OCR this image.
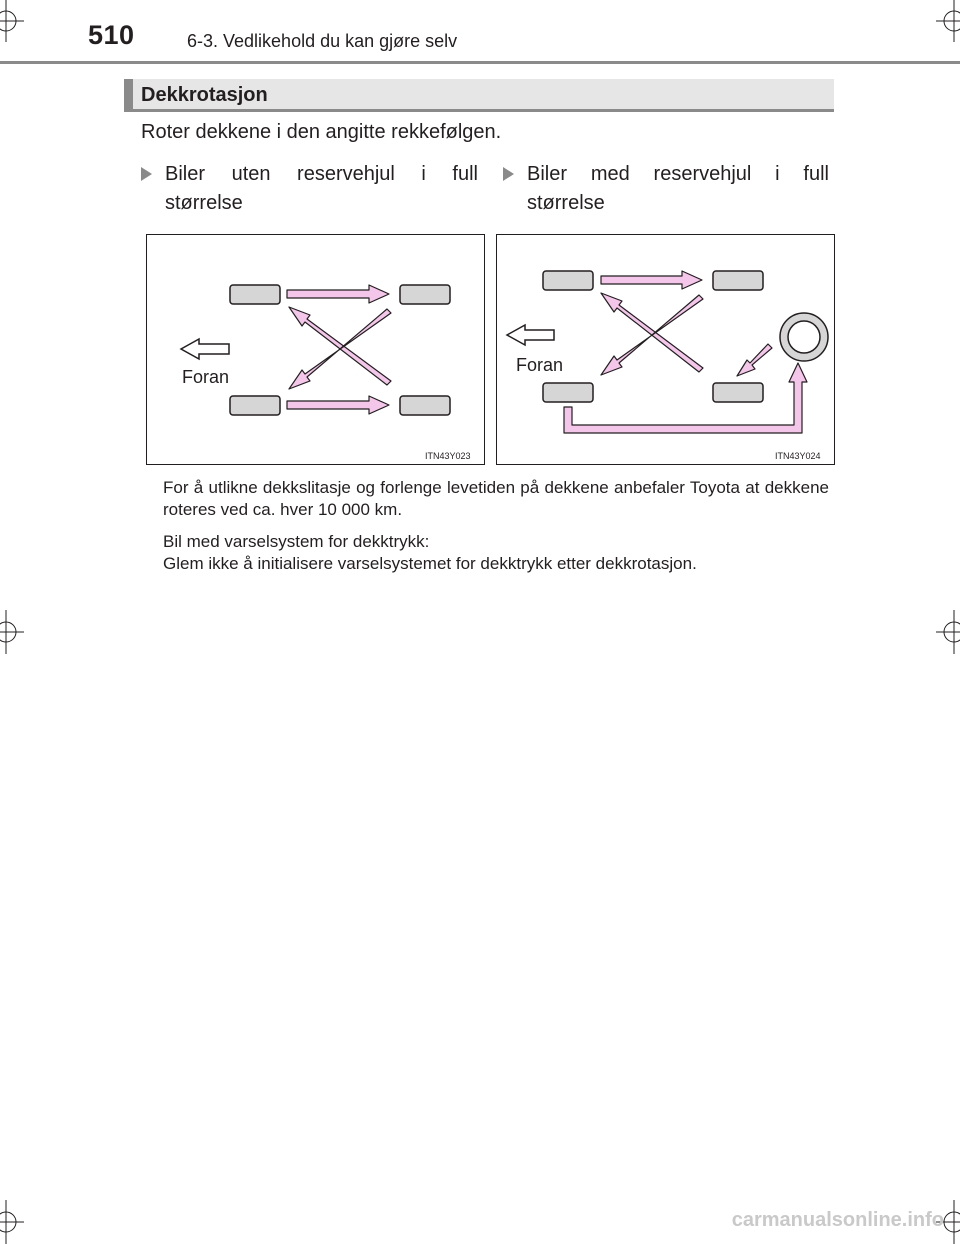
510	6-3. Vedlikehold du kan gjøre selv
Dekkrotasjon
Roter dekkene i den angitte rekkefølgen.
Biler uten reservehjul i full
størrelse
Biler med reservehjul i full
størrelse
Foran
ITN43Y023
Foran
ITN43Y024
For å utlikne dekkslitasje og forlenge levetiden på dekkene anbefaler Toyota at dekkene roteres ved ca. hver 10 000 km.
Bil med varselsystem for dekktrykk:
Glem ikke å initialisere varselsystemet for dekktrykk etter dekkrotasjon.
carmanualsonline.info
